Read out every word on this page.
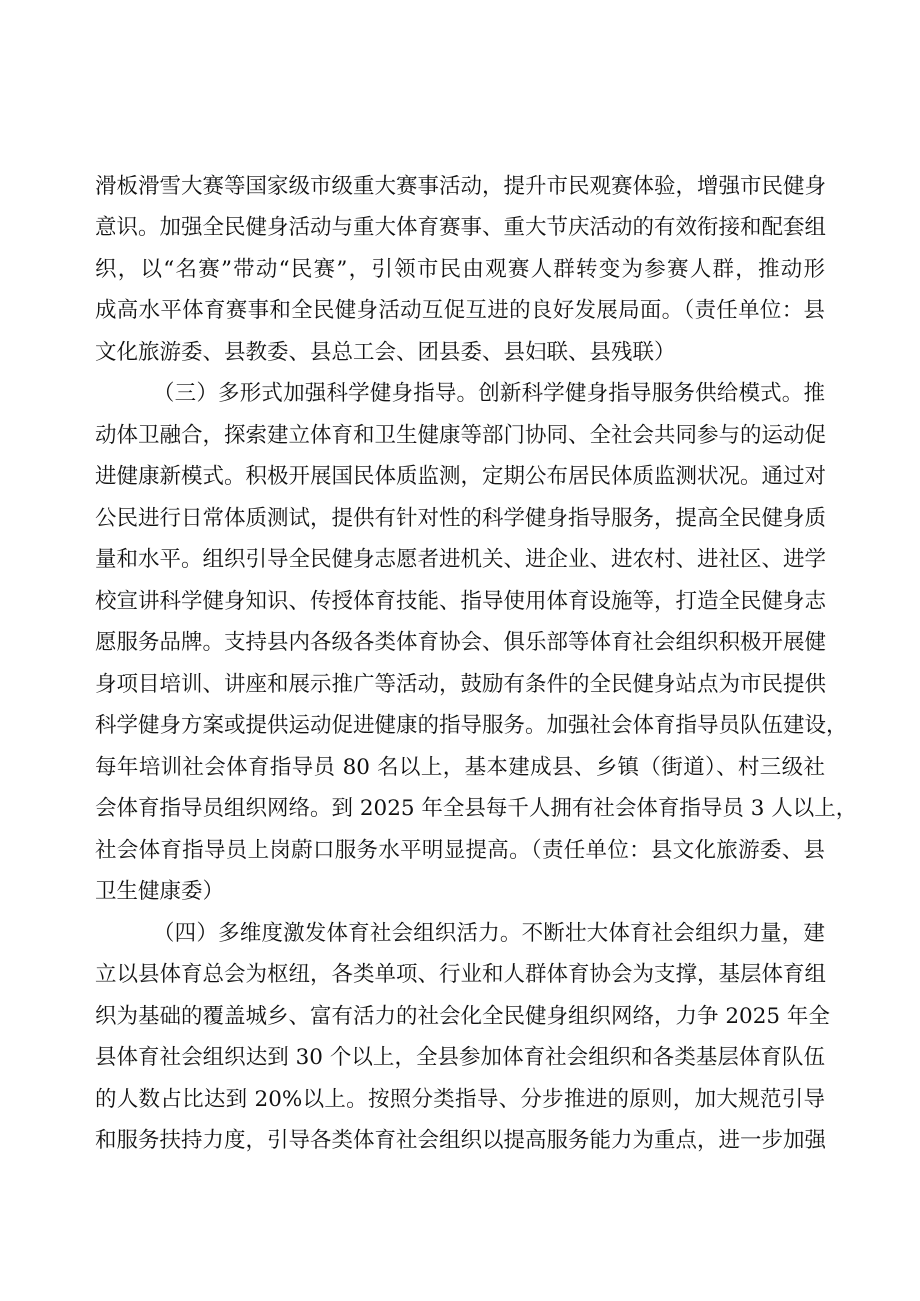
滑板滑雪大赛等国家级市级重大赛事活动，提升市民观赛体验，增强市民健身

意识。加强全民健身活动与重大体育赛事、重大节庆活动的有效衔接和配套组

织，以“名赛”带动“民赛”，引领市民由观赛人群转变为参赛人群，推动形

成高水平体育赛事和全民健身活动互促互进的良好发展局面。（责任单位：县

文化旅游委、县教委、县总工会、团县委、县妇联、县残联）

（三）多形式加强科学健身指导。创新科学健身指导服务供给模式。推

动体卫融合，探索建立体育和卫生健康等部门协同、全社会共同参与的运动促

进健康新模式。积极开展国民体质监测，定期公布居民体质监测状况。通过对

公民进行日常体质测试，提供有针对性的科学健身指导服务，提高全民健身质

量和水平。组织引导全民健身志愿者进机关、进企业、进农村、进社区、进学

校宣讲科学健身知识、传授体育技能、指导使用体育设施等，打造全民健身志

愿服务品牌。支持县内各级各类体育协会、俱乐部等体育社会组织积极开展健

身项目培训、讲座和展示推广等活动，鼓励有条件的全民健身站点为市民提供

科学健身方案或提供运动促进健康的指导服务。加强社会体育指导员队伍建设，

每年培训社会体育指导员 80 名以上，基本建成县、乡镇（街道）、村三级社

会体育指导员组织网络。到 2025 年全县每千人拥有社会体育指导员 3 人以上，

社会体育指导员上岗蔚口服务水平明显提高。（责任单位：县文化旅游委、县

卫生健康委）

（四）多维度激发体育社会组织活力。不断壮大体育社会组织力量，建

立以县体育总会为枢纽，各类单项、行业和人群体育协会为支撑，基层体育组

织为基础的覆盖城乡、富有活力的社会化全民健身组织网络，力争 2025 年全

县体育社会组织达到 30 个以上，全县参加体育社会组织和各类基层体育队伍

的人数占比达到 20%以上。按照分类指导、分步推进的原则，加大规范引导

和服务扶持力度，引导各类体育社会组织以提高服务能力为重点，进一步加强
